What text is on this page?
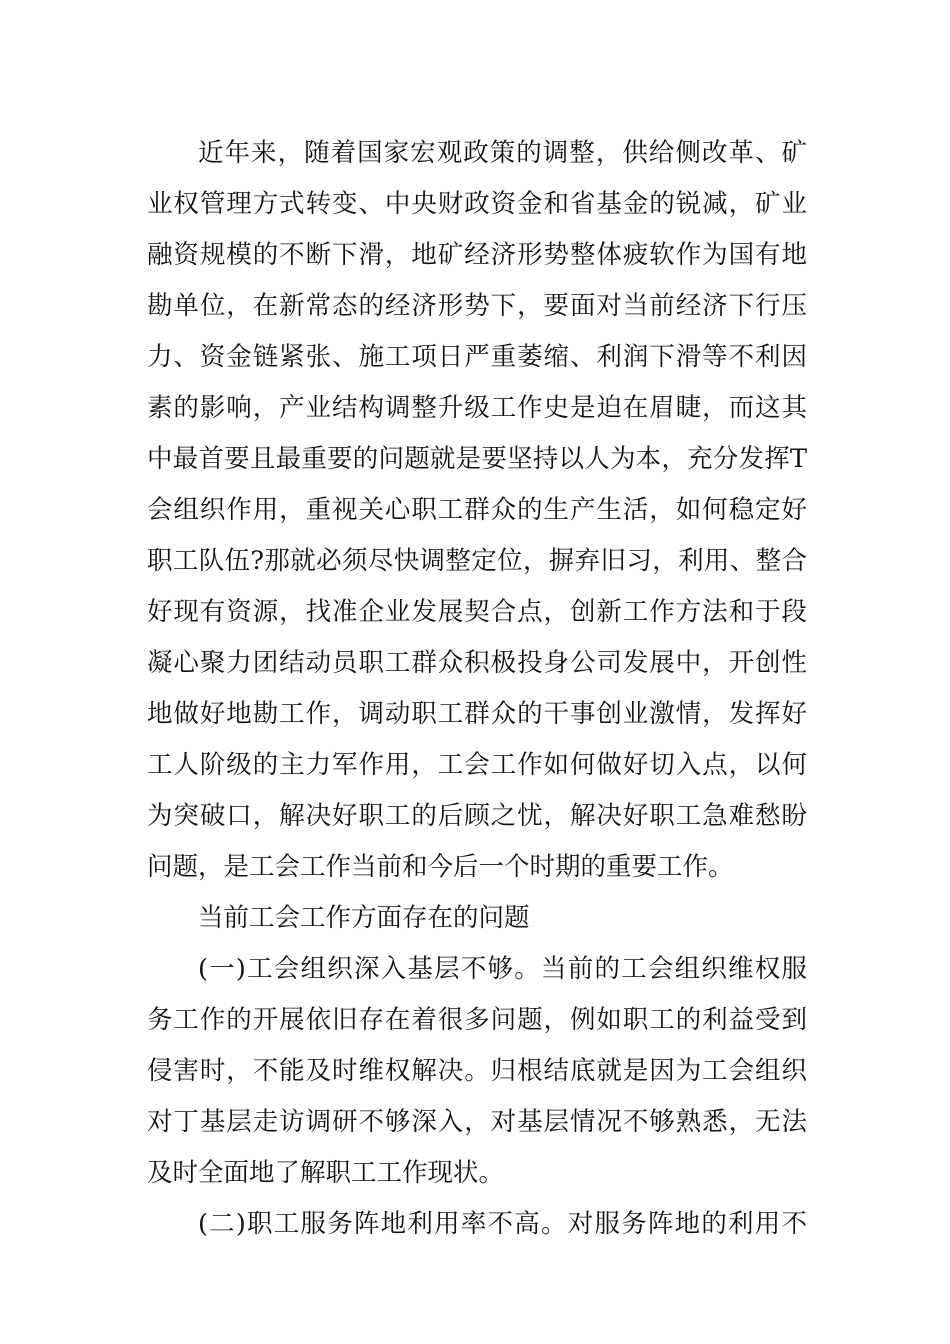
近年来，随着国家宏观政策的调整，供给侧改革、矿
业权管理方式转变、中央财政资金和省基金的锐减，矿业
融资规模的不断下滑，地矿经济形势整体疲软作为国有地
勘单位，在新常态的经济形势下，要面对当前经济下行压
力、资金链紧张、施工项日严重萎缩、利润下滑等不利因
素的影响，产业结构调整升级工作史是迫在眉睫，而这其
中最首要且最重要的问题就是要坚持以人为本，充分发挥T
会组织作用，重视关心职工群众的生产生活，如何稳定好
职工队伍?那就必须尽快调整定位，摒弃旧习，利用、整合
好现有资源，找准企业发展契合点，创新工作方法和于段
凝心聚力团结动员职工群众积极投身公司发展中，开创性
地做好地勘工作，调动职工群众的干事创业激情，发挥好
工人阶级的主力军作用，工会工作如何做好切入点，以何
为突破口，解决好职工的后顾之忧，解决好职工急难愁盼
问题，是工会工作当前和今后一个时期的重要工作。
当前工会工作方面存在的问题
(一)工会组织深入基层不够。当前的工会组织维权服
务工作的开展依旧存在着很多问题，例如职工的利益受到
侵害时，不能及时维权解决。归根结底就是因为工会组织
对丁基层走访调研不够深入，对基层情况不够熟悉，无法
及时全面地了解职工工作现状。
(二)职工服务阵地利用率不高。对服务阵地的利用不
